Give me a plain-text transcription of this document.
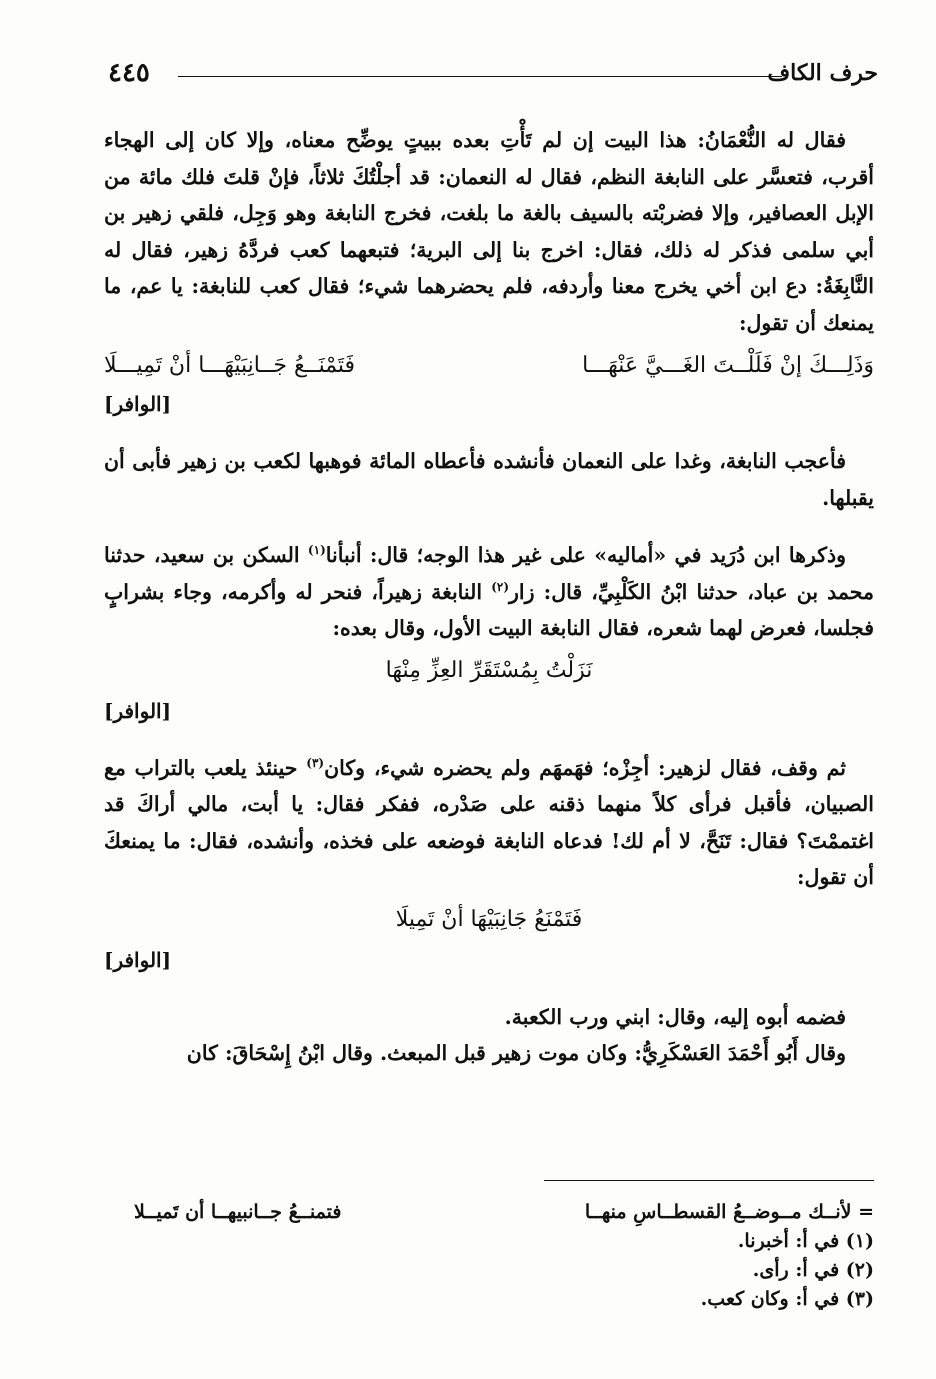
٤٤٥	حرف الكاف

فقال له النُّعْمَانُ: هذا البيت إن لم تَأْتِ بعده ببيتٍ يوضِّح معناه، وإلا كان إلى الهجاء أقرب، فتعسَّر على النابغة النظم، فقال له النعمان: قد أجلْتُكَ ثلاثاً، فإنْ قلتَ فلك مائة من الإبل العصافير، وإلا فضربْته بالسيف بالغة ما بلغت، فخرج النابغة وهو وَجِل، فلقي زهير بن أبي سلمى فذكر له ذلك، فقال: اخرج بنا إلى البرية؛ فتبعهما كعب فردَّهُ زهير، فقال له النَّابِغَةُ: دع ابن أخي يخرج معنا وأردفه، فلم يحضرهما شيء؛ فقال كعب للنابغة: يا عم، ما يمنعك أن تقول:

وَذَلِـــكَ إنْ فَلَلْــتَ الغَـــيَّ عَنْهَـــا
فَتَمْنَــعُ جَــانِبَيْهَـــا أنْ تَمِيـــلَا
[الوافر]

فأعجب النابغة، وغدا على النعمان فأنشده فأعطاه المائة فوهبها لكعب بن زهير فأبى أن يقبلها.

وذكرها ابن دُرَيد في «أماليه» على غير هذا الوجه؛ قال: أنبأنا$^{(١)}$ السكن بن سعيد، حدثنا محمد بن عباد، حدثنا ابْنُ الكَلْبِيِّ، قال: زار$^{(٢)}$ النابغة زهيراً، فنحر له وأكرمه، وجاء بشرابٍ فجلسا، فعرض لهما شعره، فقال النابغة البيت الأول، وقال بعده:

نَزَلْتُ بِمُسْتَقَرِّ العِزِّ مِنْهَا
[الوافر]

ثم وقف، فقال لزهير: أجِزْه؛ فهَمهَم ولم يحضره شيء، وكان$^{(٣)}$ حينئذ يلعب بالتراب مع الصبيان، فأقبل فرأى كلاً منهما ذقنه على صَدْره، ففكر فقال: يا أبت، مالي أراكَ قد اغتممْتَ؟ فقال: تَنَحَّ، لا أم لك! فدعاه النابغة فوضعه على فخذه، وأنشده، فقال: ما يمنعكَ أن تقول:

فَتَمْنَعُ جَانِبَيْهَا أنْ تَمِيلَا
[الوافر]

فضمه أبوه إليه، وقال: ابني ورب الكعبة.

وقال أَبُو أَحْمَدَ العَسْكَرِيُّ: وكان موت زهير قبل المبعث. وقال ابْنُ إِسْحَاقَ: كان

= لأنــك مــوضــعُ القسطــاسِ منهــا
فتمنــعُ جــانبيهــا أن تَميــلا
(١) في أ: أخبرنا.
(٢) في أ: رأى.
(٣) في أ: وكان كعب.
